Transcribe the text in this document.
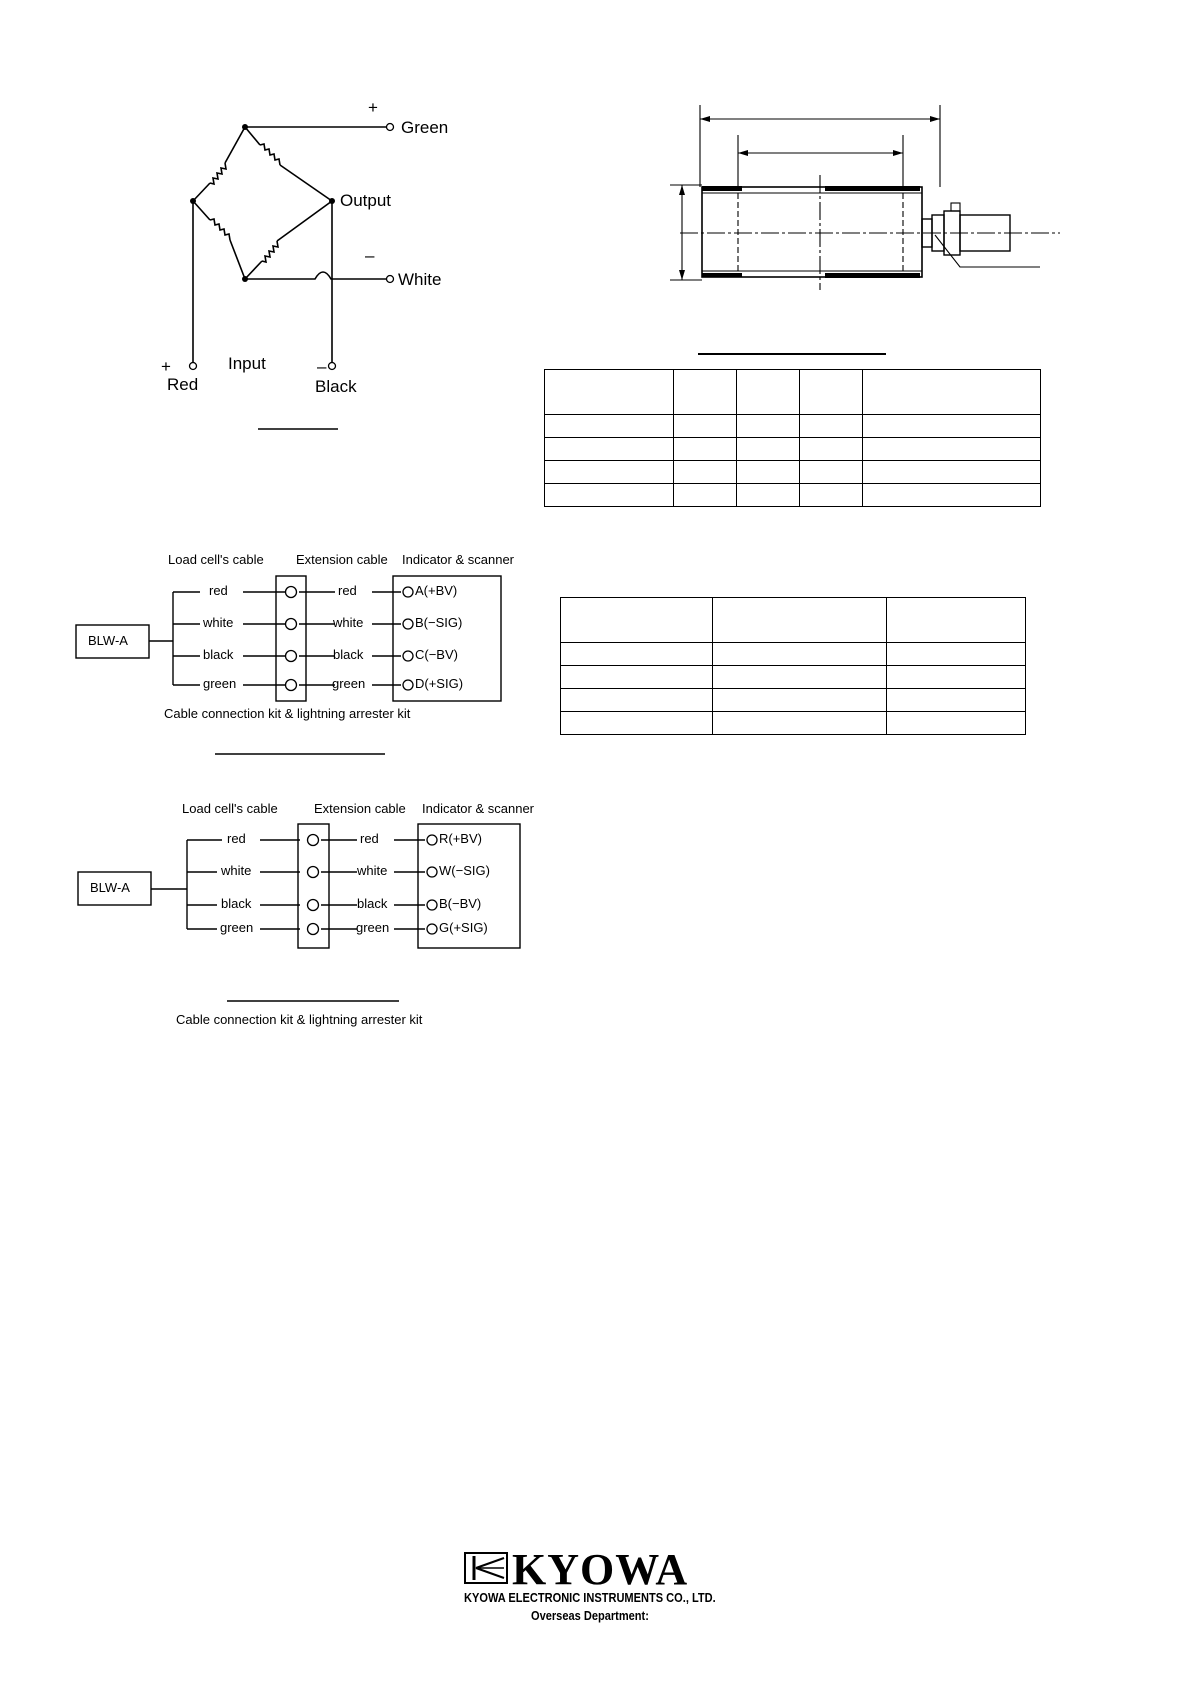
+
Green
Output
–
White
+	Input	–
Red	Black

Load cell's cable Extension cable Indicator & scanner
BLW-A
red
white
black
green
red
white
black
green
A(+BV)
B(−SIG)
C(−BV)
D(+SIG)
Cable connection kit & lightning arrester kit
Load cell's cable	Extension cable Indicator & scanner
BLW-A
red
white
black
green
red
white
black
green
R(+BV)
W(−SIG)
B(−BV)
G(+SIG)
Cable connection kit & lightning arrester kit
KYOWA
KYOWA ELECTRONIC INSTRUMENTS CO., LTD.
Overseas Department:
